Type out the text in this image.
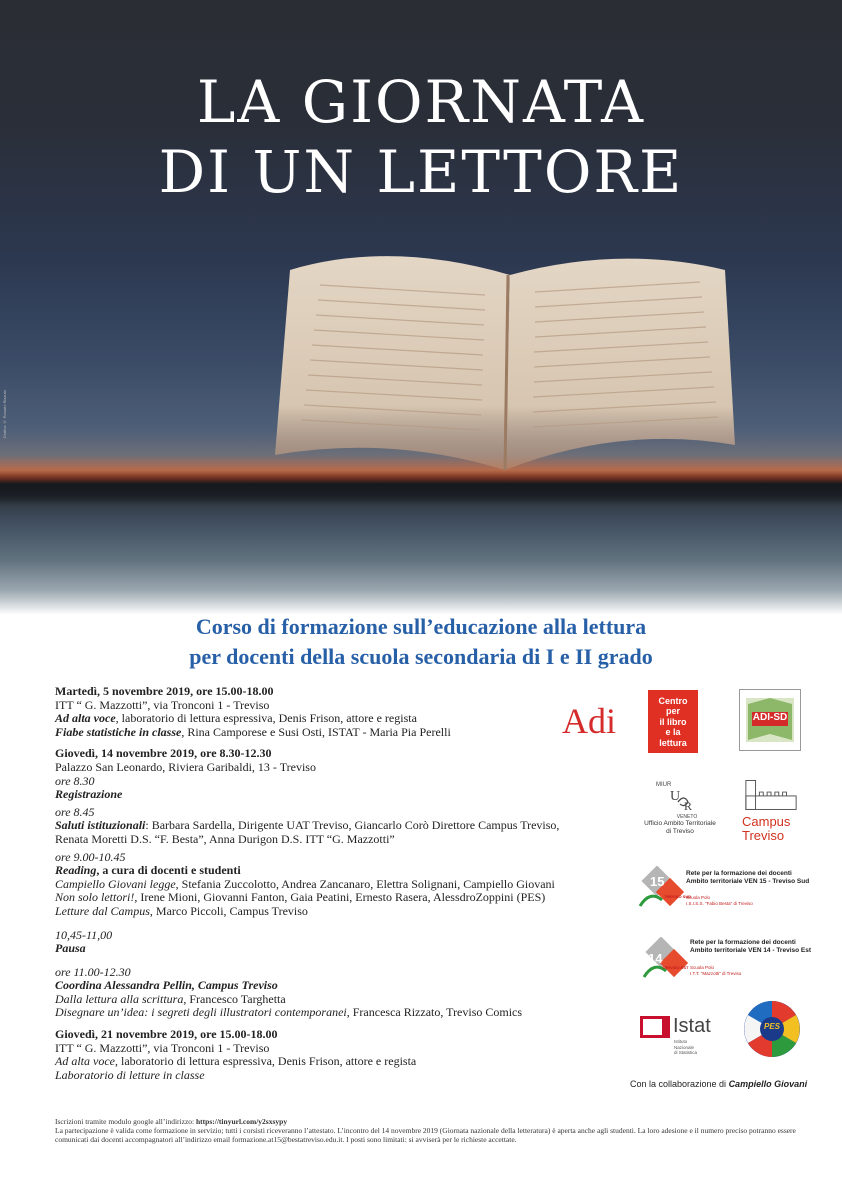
LA GIORNATA
DI UN LETTORE
Grafica © Rosario Rizzuto
Corso di formazione sull’educazione alla lettura
per docenti della scuola secondaria di I e II grado

Martedì, 5 novembre 2019, ore 15.00-18.00

ITT “ G. Mazzotti”, via Tronconi 1 - Treviso

Ad alta voce, laboratorio di lettura espressiva, Denis Frison, attore e regista

Fiabe statistiche in classe, Rina Camporese e Susi Osti, ISTAT - Maria Pia Perelli

Giovedì, 14 novembre 2019, ore 8.30-12.30

Palazzo San Leonardo, Riviera Garibaldi, 13 - Treviso

ore 8.30

Registrazione

ore 8.45

Saluti istituzionali: Barbara Sardella, Dirigente UAT Treviso, Giancarlo Corò Direttore Campus Treviso,

Renata Moretti D.S. “F. Besta”, Anna Durigon D.S. ITT “G. Mazzotti”

ore 9.00-10.45

Reading, a cura di docenti e studenti

Campiello Giovani legge, Stefania Zuccolotto, Andrea Zancanaro, Elettra Solignani, Campiello Giovani

Non solo lettori!, Irene Mioni, Giovanni Fanton, Gaia Peatini, Ernesto Rasera, AlessdroZoppini (PES)

Letture dal Campus, Marco Piccoli, Campus Treviso

10,45-11,00

Pausa

ore 11.00-12.30

Coordina Alessandra Pellin, Campus Treviso

Dalla lettura alla scrittura, Francesco Targhetta

Disegnare un’idea: i segreti degli illustratori contemporanei, Francesca Rizzato, Treviso Comics

Giovedì, 21 novembre 2019, ore 15.00-18.00

ITT “ G. Mazzotti”, via Tronconi 1 - Treviso

Ad alta voce, laboratorio di lettura espressiva, Denis Frison, attore e regista

Laboratorio di letture in classe

Adi	Centro
per
il libro
e la
lettura
ADI-SD
MIUR
U
R
VENETO
Ufficio Ambito Territoriale
di Treviso
Campus
Treviso
15
TREVISO SUD
Rete per la formazione dei docenti
Ambito territoriale VEN 15 - Treviso Sud
Scuola Polo
I.S.I.S.S. "Fabio Besta" di Treviso
14
TREVISO EST
Rete per la formazione dei docenti
Ambito territoriale VEN 14 - Treviso Est
Scuola Polo
I.T.T. "Mazzotti" di Treviso
Istat
Istituto
Nazionale
di Statistica
PES
Con la collaborazione di Campiello Giovani
Iscrizioni tramite modulo google all’indirizzo: https://tinyurl.com/y2sxsypy
La partecipazione è valida come formazione in servizio; tutti i corsisti riceveranno l’attestato. L’incontro del 14 novembre 2019 (Giornata nazionale della letteratura) è aperta anche agli studenti. La loro adesione e il numero preciso potranno essere comunicati dai docenti accompagnatori all’indirizzo email formazione.at15@bestatreviso.edu.it. I posti sono limitati: si avviserà per le richieste accettate.
